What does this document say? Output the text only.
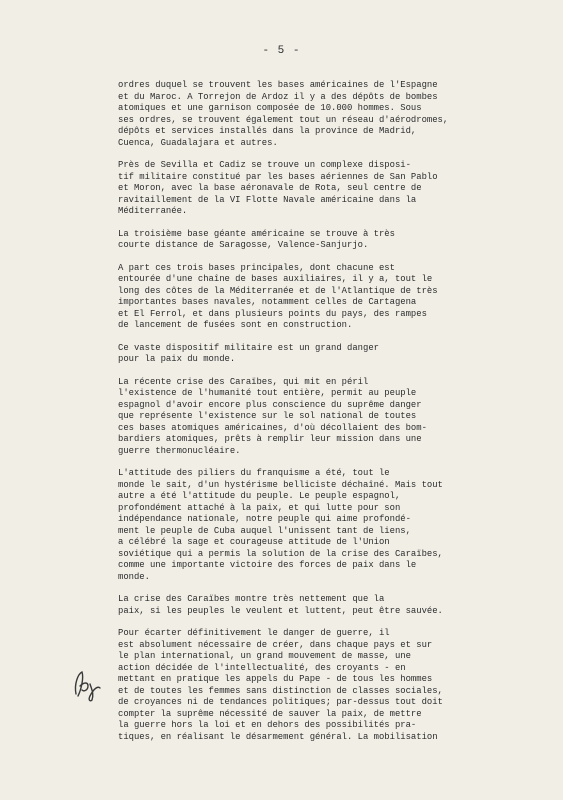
- 5 -
ordres duquel se trouvent les bases américaines de l'Espagne
et du Maroc. A Torrejon de Ardoz il y a des dépôts de bombes
atomiques et une garnison composée de 10.000 hommes. Sous
ses ordres, se trouvent également tout un réseau d'aérodromes,
dépôts et services installés dans la province de Madrid,
Cuenca, Guadalajara et autres.
Près de Sevilla et Cadiz se trouve un complexe disposi-
tif militaire constitué par les bases aériennes de San Pablo
et Moron, avec la base aéronavale de Rota, seul centre de
ravitaillement de la VI Flotte Navale américaine dans la
Méditerranée.
La troisième base géante américaine se trouve à très
courte distance de Saragosse, Valence-Sanjurjo.
A part ces trois bases principales, dont chacune est
entourée d'une chaîne de bases auxiliaires, il y a, tout le
long des côtes de la Méditerranée et de l'Atlantique de très
importantes bases navales, notamment celles de Cartagena
et El Ferrol, et dans plusieurs points du pays, des rampes
de lancement de fusées sont en construction.
Ce vaste dispositif militaire est un grand danger
pour la paix du monde.
La récente crise des Caraïbes, qui mit en péril
l'existence de l'humanité tout entière, permit au peuple
espagnol d'avoir encore plus conscience du suprême danger
que représente l'existence sur le sol national de toutes
ces bases atomiques américaines, d'où décollaient des bom-
bardiers atomiques, prêts à remplir leur mission dans une
guerre thermonucléaire.
L'attitude des piliers du franquisme a été, tout le
monde le sait, d'un hystérisme belliciste déchaîné. Mais tout
autre a été l'attitude du peuple. Le peuple espagnol,
profondément attaché à la paix, et qui lutte pour son
indépendance nationale, notre peuple qui aime profondé-
ment le peuple de Cuba auquel l'unissent tant de liens,
a célébré la sage et courageuse attitude de l'Union
soviétique qui a permis la solution de la crise des Caraïbes,
comme une importante victoire des forces de paix dans le
monde.
La crise des Caraïbes montre très nettement que la
paix, si les peuples le veulent et luttent, peut être sauvée.
Pour écarter définitivement le danger de guerre, il
est absolument nécessaire de créer, dans chaque pays et sur
le plan international, un grand mouvement de masse, une
action décidée de l'intellectualité, des croyants - en
mettant en pratique les appels du Pape - de tous les hommes
et de toutes les femmes sans distinction de classes sociales,
de croyances ni de tendances politiques; par-dessus tout doit
compter la suprême nécessité de sauver la paix, de mettre
la guerre hors la loi et en dehors des possibilités pra-
tiques, en réalisant le désarmement général. La mobilisation
